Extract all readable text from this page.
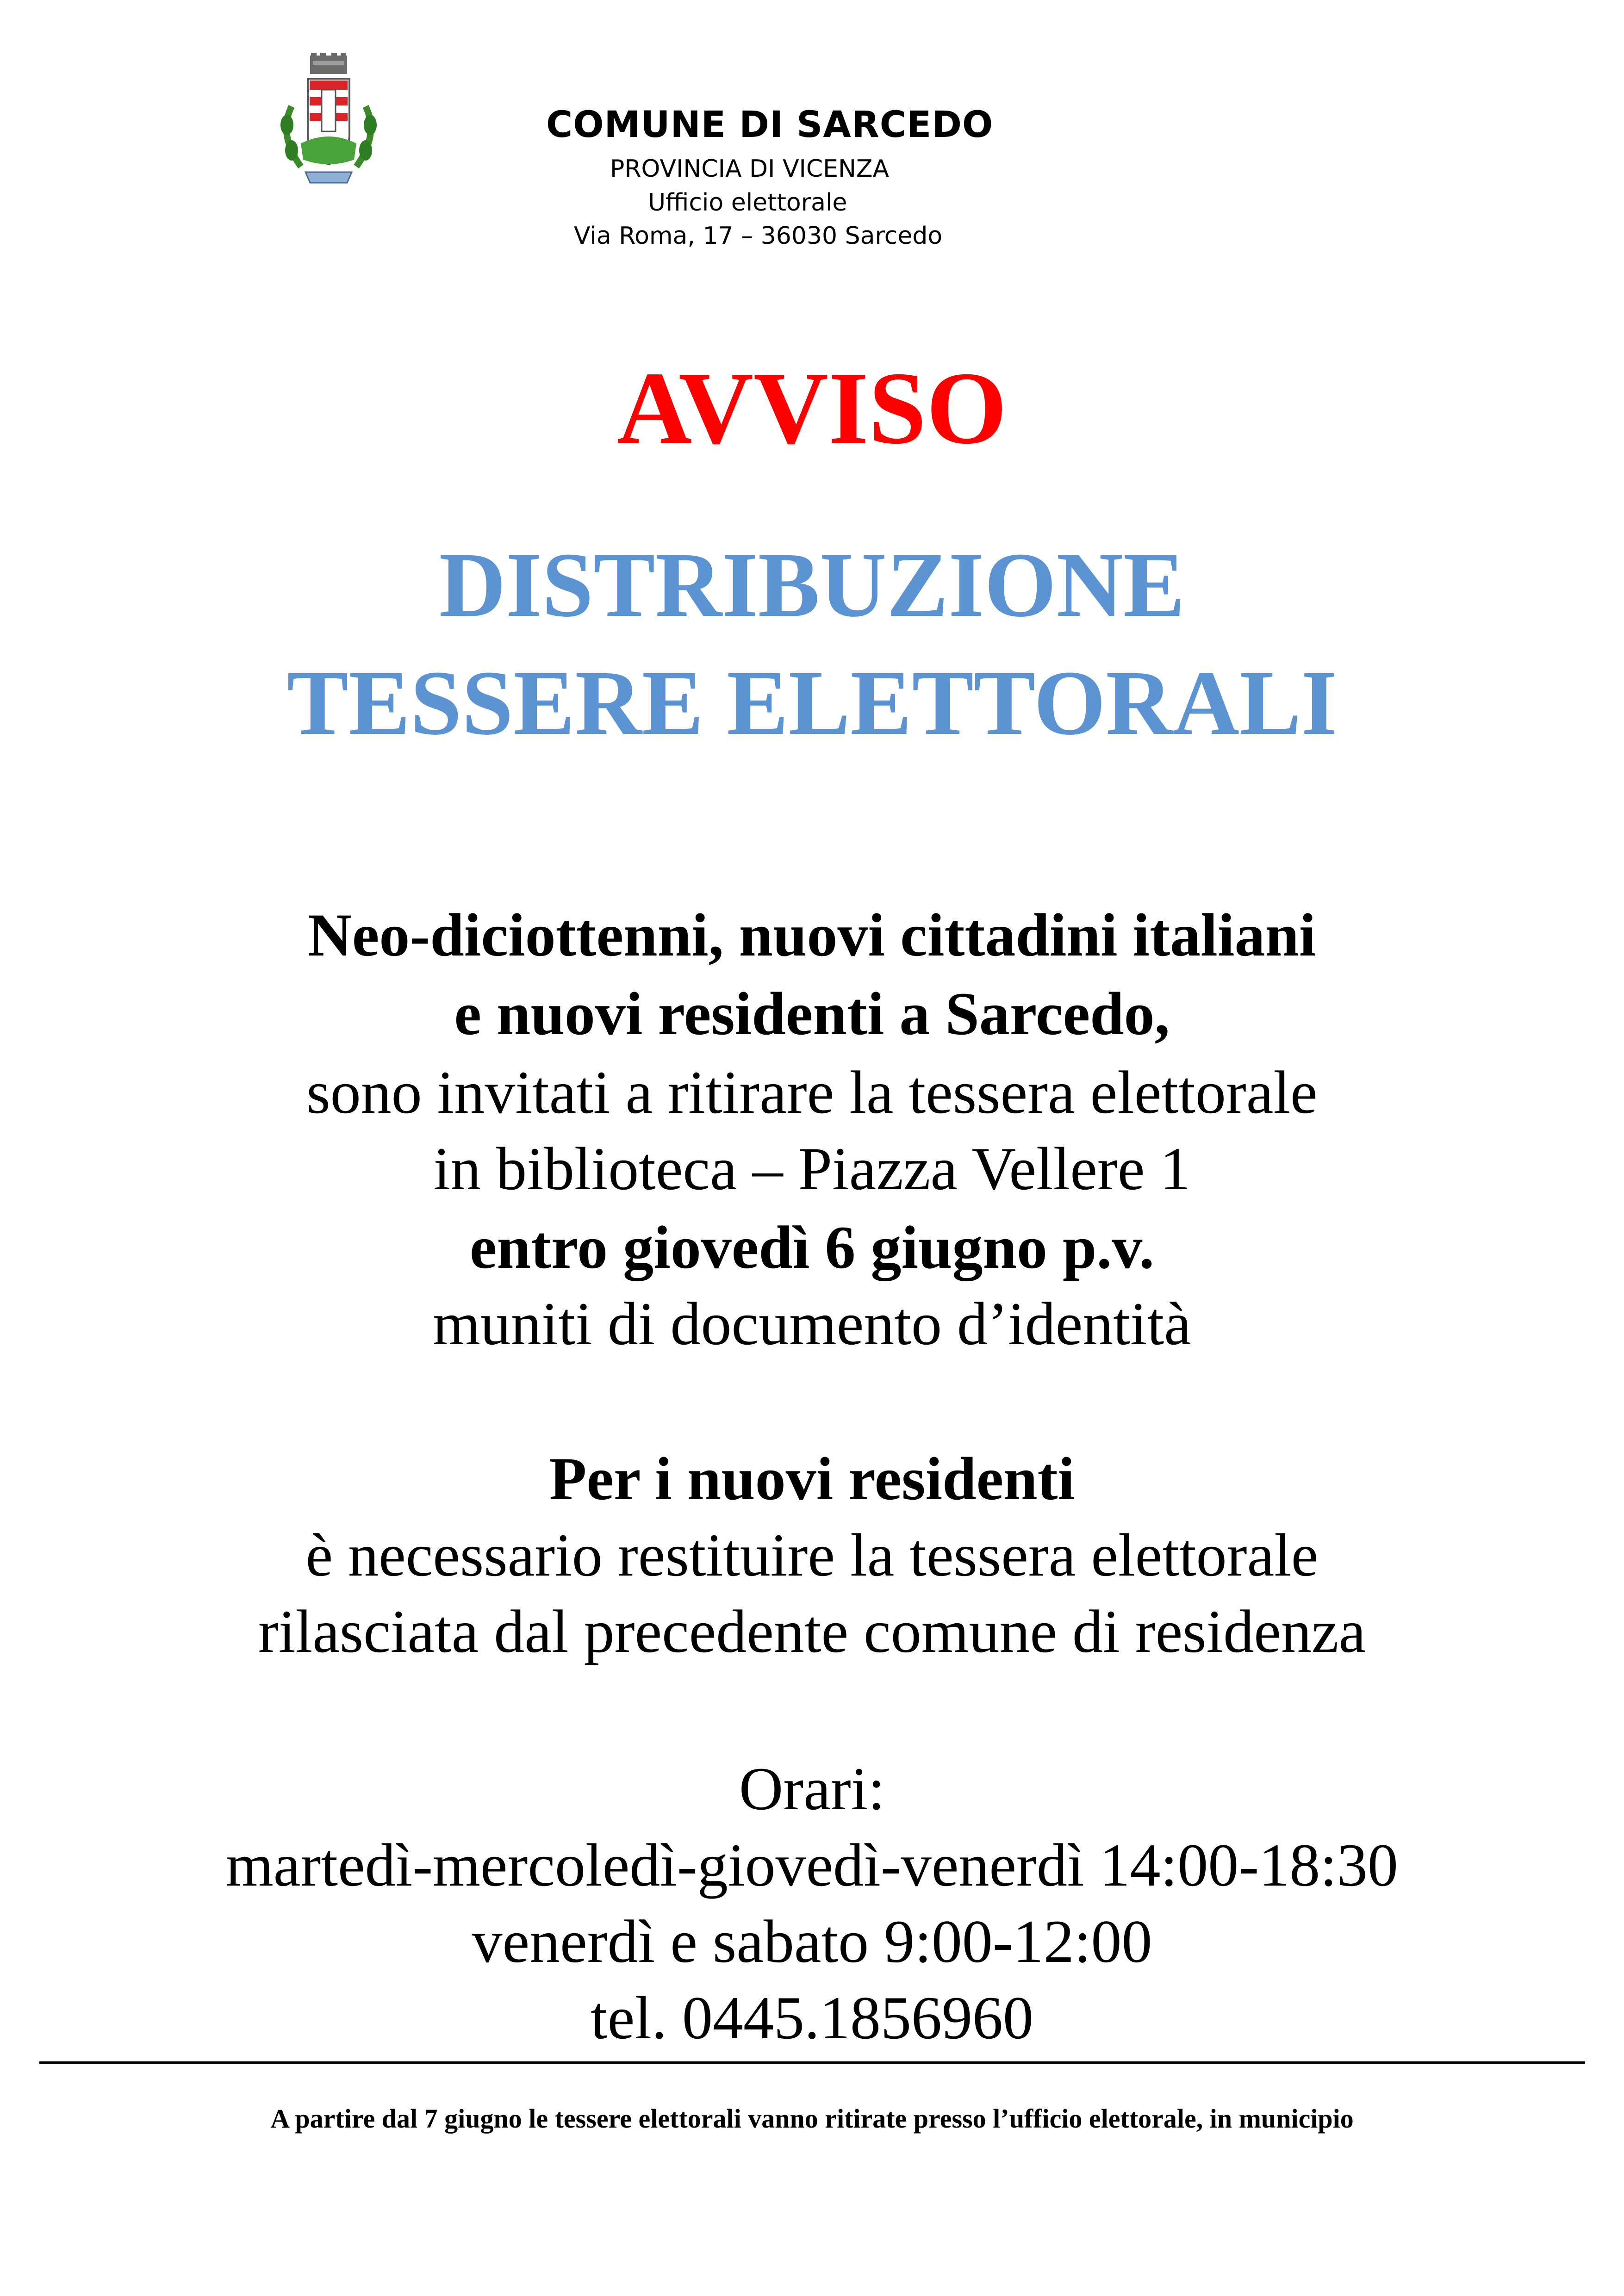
COMUNE DI SARCEDO
PROVINCIA DI VICENZA
Ufficio elettorale
Via Roma, 17 – 36030 Sarcedo
AVVISO
DISTRIBUZIONE
TESSERE ELETTORALI
Neo-diciottenni, nuovi cittadini italiani
e nuovi residenti a Sarcedo,
sono invitati a ritirare la tessera elettorale
in biblioteca – Piazza Vellere 1
entro giovedì 6 giugno p.v.
muniti di documento d’identità
Per i nuovi residenti
è necessario restituire la tessera elettorale
rilasciata dal precedente comune di residenza
Orari:
martedì-mercoledì-giovedì-venerdì 14:00-18:30
venerdì e sabato 9:00-12:00
tel. 0445.1856960
A partire dal 7 giugno le tessere elettorali vanno ritirate presso l’ufficio elettorale, in municipio
